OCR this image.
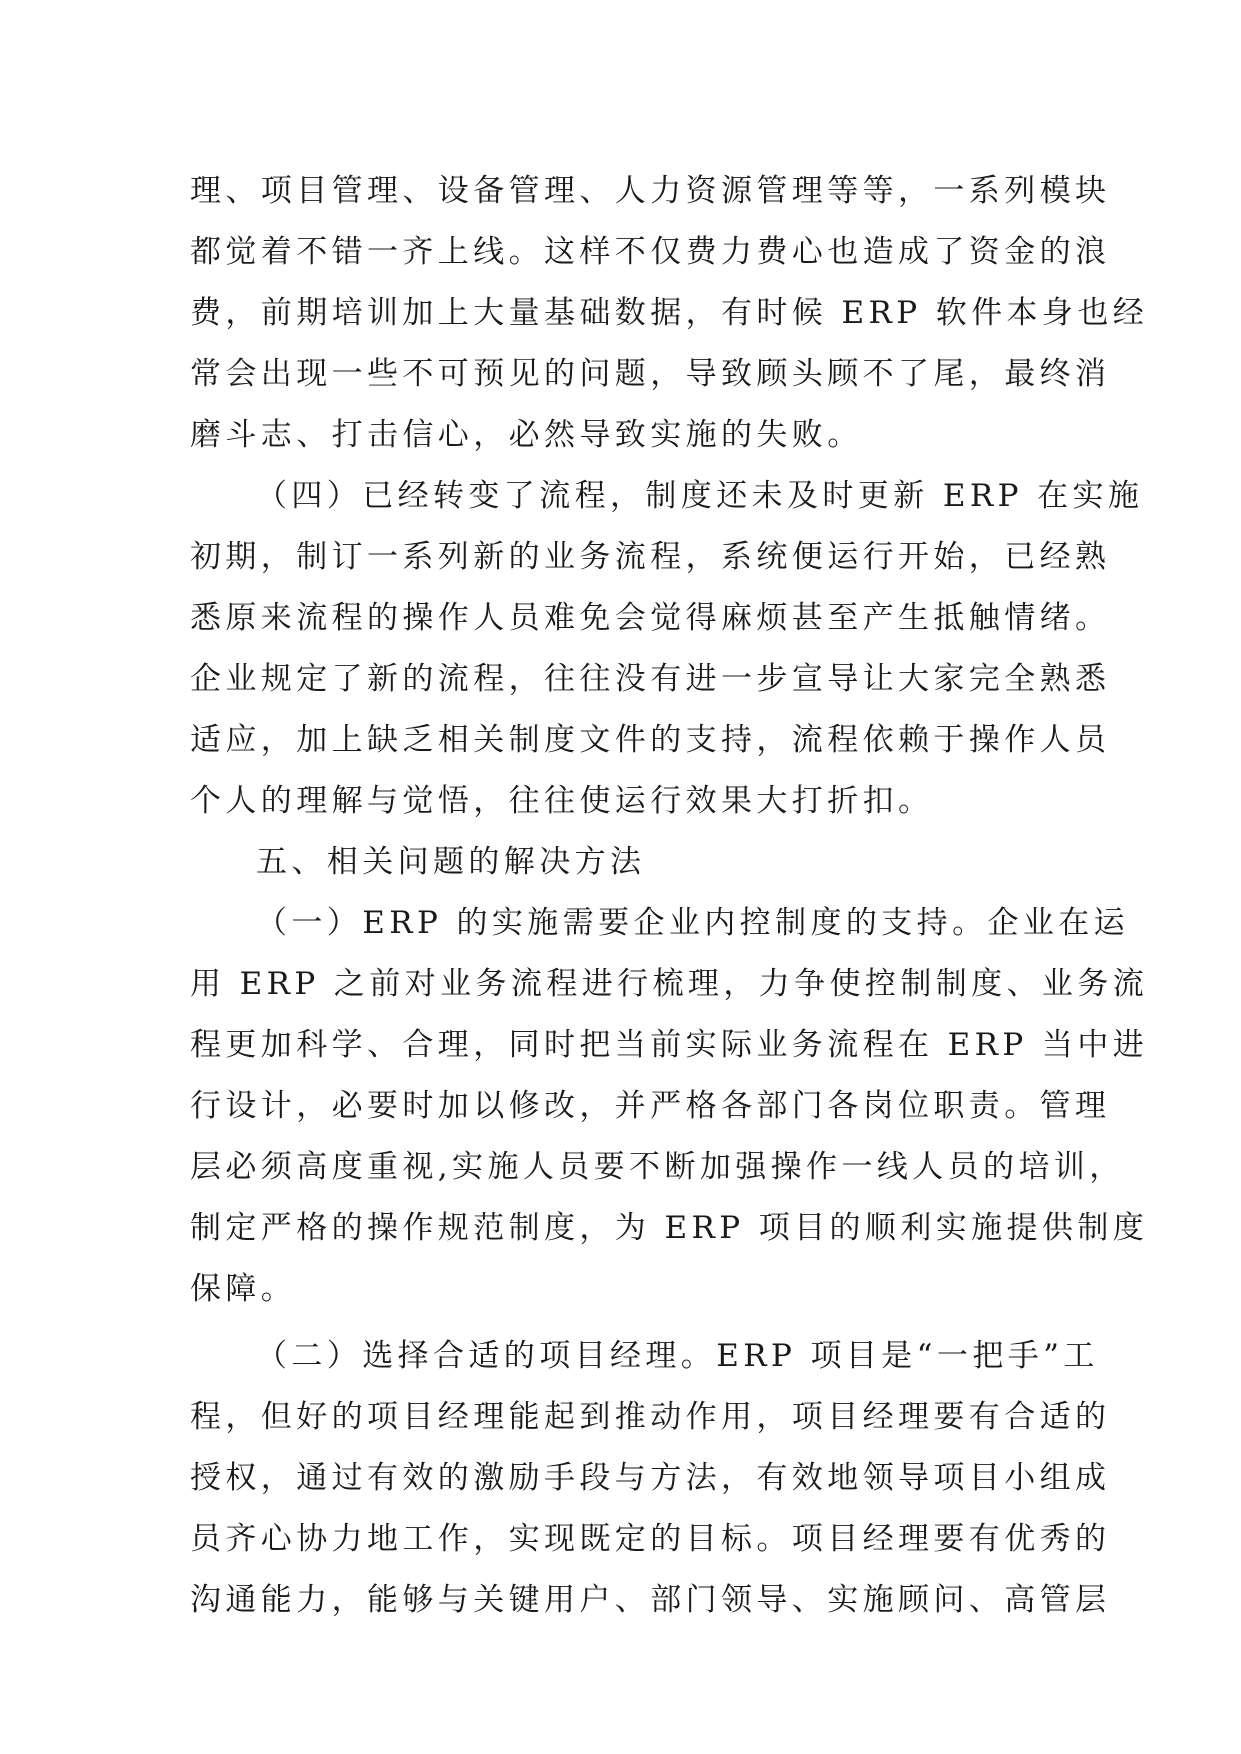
理、项目管理、设备管理、人力资源管理等等，一系列模块
都觉着不错一齐上线。这样不仅费力费心也造成了资金的浪
费，前期培训加上大量基础数据，有时候 ERP 软件本身也经
常会出现一些不可预见的问题，导致顾头顾不了尾，最终消
磨斗志、打击信心，必然导致实施的失败。
（四）已经转变了流程，制度还未及时更新 ERP 在实施
初期，制订一系列新的业务流程，系统便运行开始，已经熟
悉原来流程的操作人员难免会觉得麻烦甚至产生抵触情绪。
企业规定了新的流程，往往没有进一步宣导让大家完全熟悉
适应，加上缺乏相关制度文件的支持，流程依赖于操作人员
个人的理解与觉悟，往往使运行效果大打折扣。
五、相关问题的解决方法
（一）ERP 的实施需要企业内控制度的支持。企业在运
用 ERP 之前对业务流程进行梳理，力争使控制制度、业务流
程更加科学、合理，同时把当前实际业务流程在 ERP 当中进
行设计，必要时加以修改，并严格各部门各岗位职责。管理
层必须高度重视,实施人员要不断加强操作一线人员的培训，
制定严格的操作规范制度，为 ERP 项目的顺利实施提供制度
保障。
（二）选择合适的项目经理。ERP 项目是“一把手”工
程，但好的项目经理能起到推动作用，项目经理要有合适的
授权，通过有效的激励手段与方法，有效地领导项目小组成
员齐心协力地工作，实现既定的目标。项目经理要有优秀的
沟通能力，能够与关键用户、部门领导、实施顾问、高管层
